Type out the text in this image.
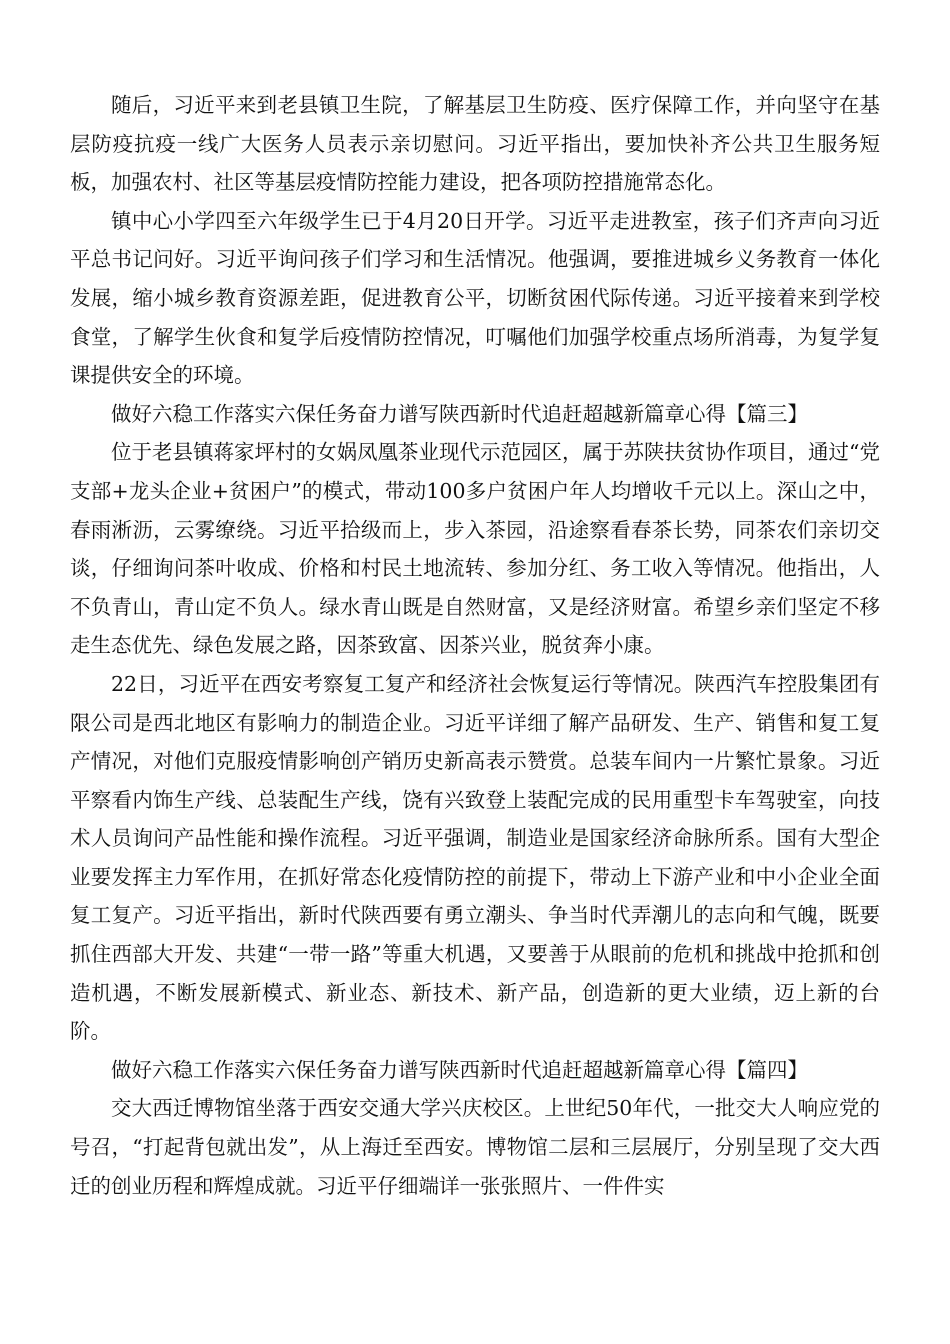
随后，习近平来到老县镇卫生院，了解基层卫生防疫、医疗保障工作，并向坚守在基层防疫抗疫一线广大医务人员表示亲切慰问。习近平指出，要加快补齐公共卫生服务短板，加强农村、社区等基层疫情防控能力建设，把各项防控措施常态化。

镇中心小学四至六年级学生已于4月20日开学。习近平走进教室，孩子们齐声向习近平总书记问好。习近平询问孩子们学习和生活情况。他强调，要推进城乡义务教育一体化发展，缩小城乡教育资源差距，促进教育公平，切断贫困代际传递。习近平接着来到学校食堂，了解学生伙食和复学后疫情防控情况，叮嘱他们加强学校重点场所消毒，为复学复课提供安全的环境。

做好六稳工作落实六保任务奋力谱写陕西新时代追赶超越新篇章心得【篇三】

位于老县镇蒋家坪村的女娲凤凰茶业现代示范园区，属于苏陕扶贫协作项目，通过“党支部+龙头企业+贫困户”的模式，带动100多户贫困户年人均增收千元以上。深山之中，春雨淅沥，云雾缭绕。习近平拾级而上，步入茶园，沿途察看春茶长势，同茶农们亲切交谈，仔细询问茶叶收成、价格和村民土地流转、参加分红、务工收入等情况。他指出，人不负青山，青山定不负人。绿水青山既是自然财富，又是经济财富。希望乡亲们坚定不移走生态优先、绿色发展之路，因茶致富、因茶兴业，脱贫奔小康。

22日，习近平在西安考察复工复产和经济社会恢复运行等情况。陕西汽车控股集团有限公司是西北地区有影响力的制造企业。习近平详细了解产品研发、生产、销售和复工复产情况，对他们克服疫情影响创产销历史新高表示赞赏。总装车间内一片繁忙景象。习近平察看内饰生产线、总装配生产线，饶有兴致登上装配完成的民用重型卡车驾驶室，向技术人员询问产品性能和操作流程。习近平强调，制造业是国家经济命脉所系。国有大型企业要发挥主力军作用，在抓好常态化疫情防控的前提下，带动上下游产业和中小企业全面复工复产。习近平指出，新时代陕西要有勇立潮头、争当时代弄潮儿的志向和气魄，既要抓住西部大开发、共建“一带一路”等重大机遇，又要善于从眼前的危机和挑战中抢抓和创造机遇，不断发展新模式、新业态、新技术、新产品，创造新的更大业绩，迈上新的台阶。

做好六稳工作落实六保任务奋力谱写陕西新时代追赶超越新篇章心得【篇四】

交大西迁博物馆坐落于西安交通大学兴庆校区。上世纪50年代，一批交大人响应党的号召，“打起背包就出发”，从上海迁至西安。博物馆二层和三层展厅，分别呈现了交大西迁的创业历程和辉煌成就。习近平仔细端详一张张照片、一件件实
